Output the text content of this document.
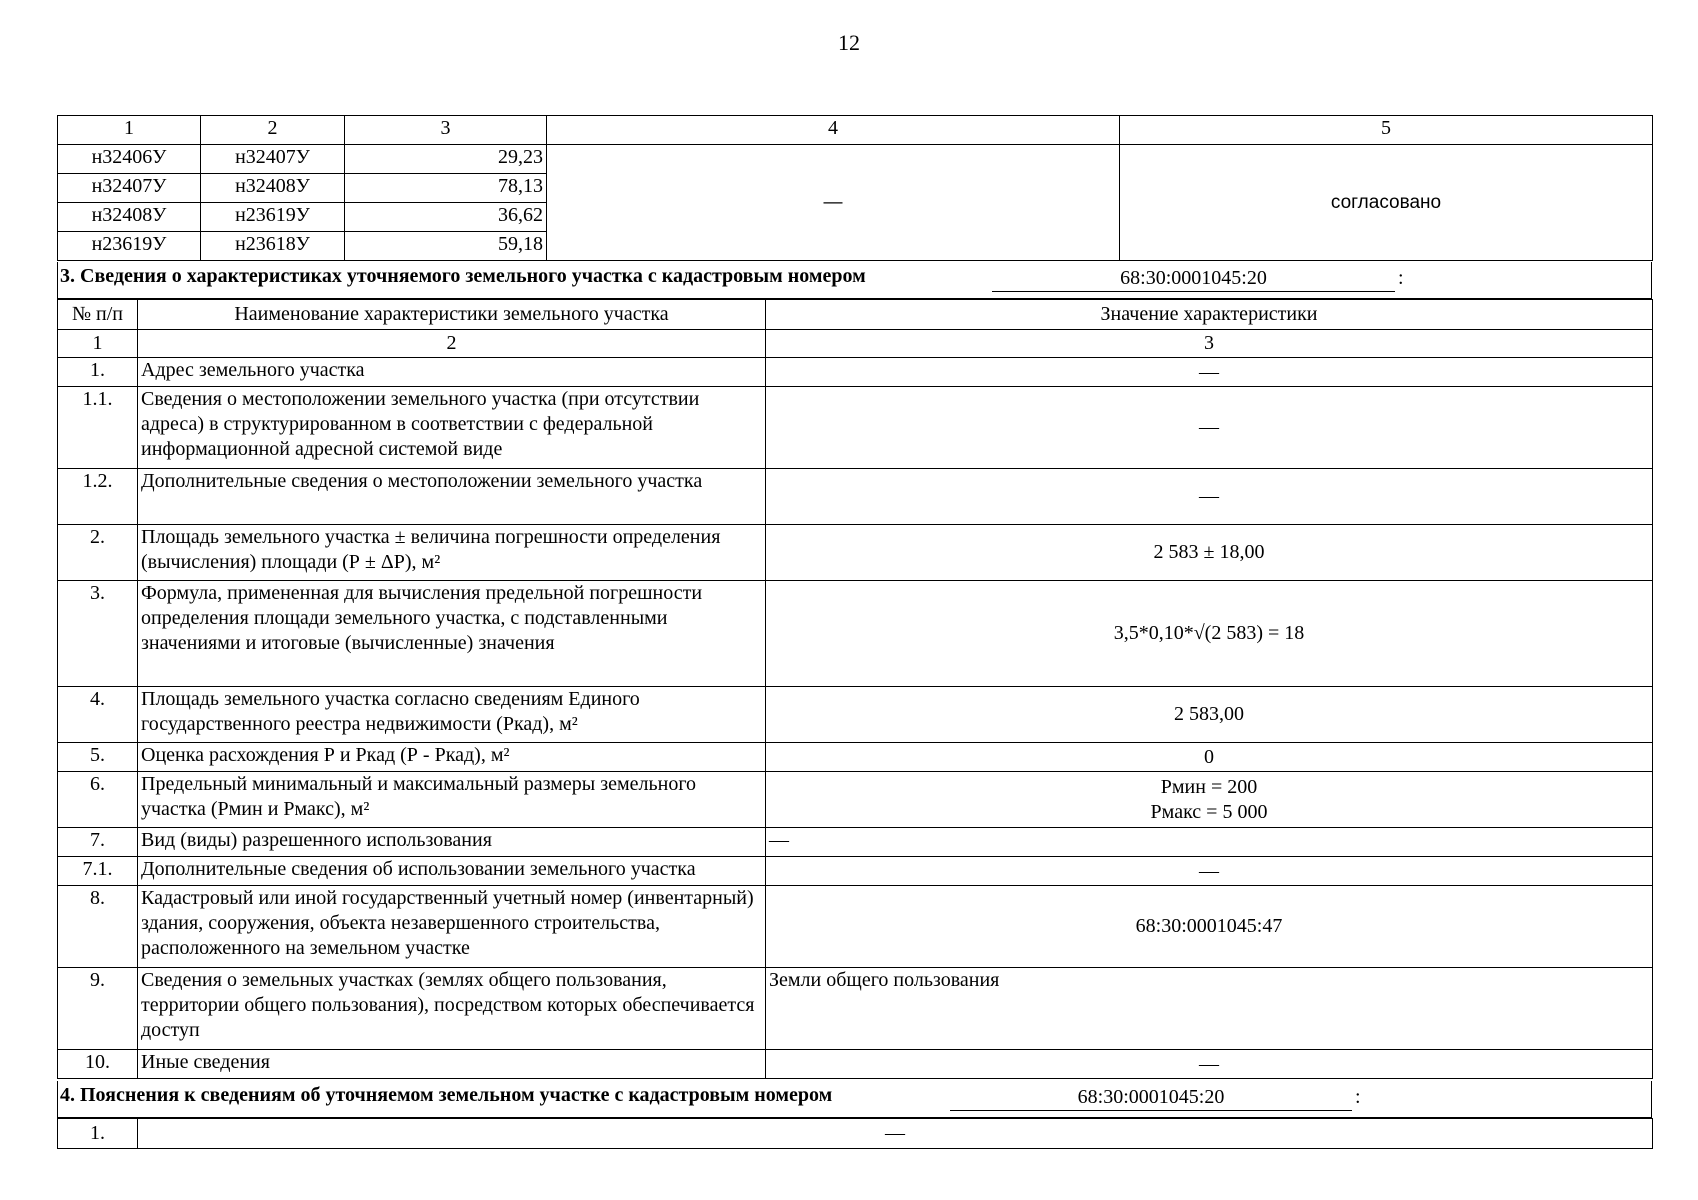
12
1	2	3	4	5
н32406У	н32407У	29,23	—	согласовано
н32407У	н32408У	78,13		
н32408У	н23619У	36,62		
н23619У	н23618У	59,18		
3. Сведения о характеристиках уточняемого земельного участка с кадастровым номером	68:30:0001045:20	:
№ п/п	Наименование характеристики земельного участка	Значение характеристики
1	2	3
1.	Адрес земельного участка	—
1.1.	Сведения о местоположении земельного участка (при отсутствии адреса) в структурированном в соответствии с федеральной информационной адресной системой виде	—
1.2.	Дополнительные сведения о местоположении земельного участка	—
2.	Площадь земельного участка ± величина погрешности определения (вычисления) площади (Р ± ΔР), м²	2 583 ± 18,00
3.	Формула, примененная для вычисления предельной погрешности определения площади земельного участка, с подставленными значениями и итоговые (вычисленные) значения	3,5*0,10*√(2 583) = 18
4.	Площадь земельного участка согласно сведениям Единого государственного реестра недвижимости (Ркад), м²	2 583,00
5.	Оценка расхождения Р и Ркад (Р - Ркад), м²	0
6.	Предельный минимальный и максимальный размеры земельного участка (Рмин и Рмакс), м²	Рмин = 200
Рмакс = 5 000

7.	Вид (виды) разрешенного использования	—
7.1.	Дополнительные сведения об использовании земельного участка	—
8.	Кадастровый или иной государственный учетный номер (инвентарный) здания, сооружения, объекта незавершенного строительства, расположенного на земельном участке	68:30:0001045:47
9.	Сведения о земельных участках (землях общего пользования, территории общего пользования), посредством которых обеспечивается доступ	Земли общего пользования
10.	Иные сведения	—
4. Пояснения к сведениям об уточняемом земельном участке с кадастровым номером	68:30:0001045:20	:
1.	—
